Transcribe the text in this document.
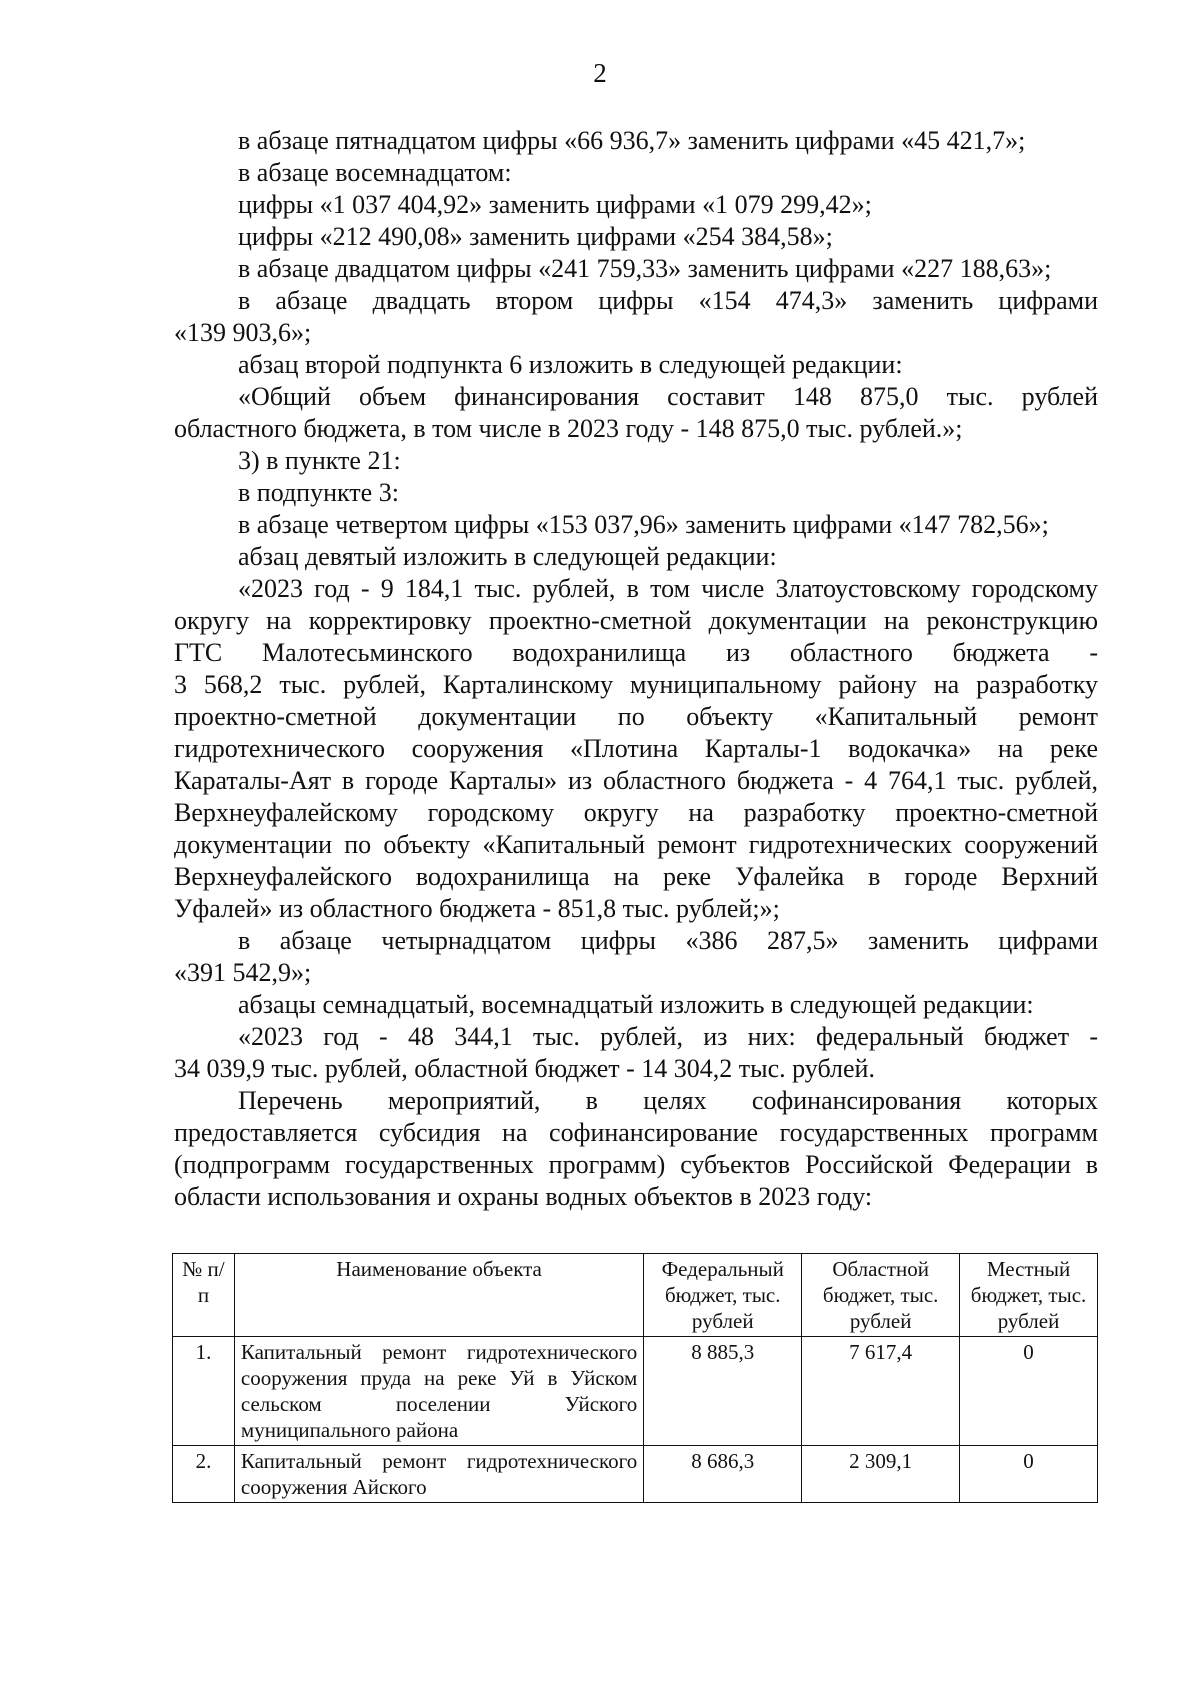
2

в абзаце пятнадцатом цифры «66 936,7» заменить цифрами «45 421,7»;

в абзаце восемнадцатом:

цифры «1 037 404,92» заменить цифрами «1 079 299,42»;

цифры «212 490,08» заменить цифрами «254 384,58»;

в абзаце двадцатом цифры «241 759,33» заменить цифрами «227 188,63»;

в абзаце двадцать втором цифры «154 474,3» заменить цифрами

«139 903,6»;

абзац второй подпункта 6 изложить в следующей редакции:

«Общий объем финансирования составит 148 875,0 тыс. рублей

областного бюджета, в том числе в 2023 году - 148 875,0 тыс. рублей.»;

3) в пункте 21:

в подпункте 3:

в абзаце четвертом цифры «153 037,96» заменить цифрами «147 782,56»;

абзац девятый изложить в следующей редакции:

«2023 год - 9 184,1 тыс. рублей, в том числе Златоустовскому городскому

округу на корректировку проектно-сметной документации на реконструкцию

ГТС Малотесьминского водохранилища из областного бюджета -

3 568,2 тыс. рублей, Карталинскому муниципальному району на разработку

проектно-сметной документации по объекту «Капитальный ремонт

гидротехнического сооружения «Плотина Карталы-1 водокачка» на реке

Караталы-Аят в городе Карталы» из областного бюджета - 4 764,1 тыс. рублей,

Верхнеуфалейскому городскому округу на разработку проектно-сметной

документации по объекту «Капитальный ремонт гидротехнических сооружений

Верхнеуфалейского водохранилища на реке Уфалейка в городе Верхний

Уфалей» из областного бюджета - 851,8 тыс. рублей;»;

в абзаце четырнадцатом цифры «386 287,5» заменить цифрами

«391 542,9»;

абзацы семнадцатый, восемнадцатый изложить в следующей редакции:

«2023 год - 48 344,1 тыс. рублей, из них: федеральный бюджет -

34 039,9 тыс. рублей, областной бюджет - 14 304,2 тыс. рублей.

Перечень мероприятий, в целях софинансирования которых

предоставляется субсидия на софинансирование государственных программ

(подпрограмм государственных программ) субъектов Российской Федерации в

области использования и охраны водных объектов в 2023 году:

№ п/п	Наименование объекта	Федеральный бюджет, тыс. рублей	Областной бюджет, тыс. рублей	Местный бюджет, тыс. рублей
1.	Капитальный ремонт гидротехнического сооружения пруда на реке Уй в Уйском сельском поселении Уйского муниципального района	8 885,3	7 617,4	0
2.	Капитальный ремонт гидротехнического сооружения Айского	8 686,3	2 309,1	0
